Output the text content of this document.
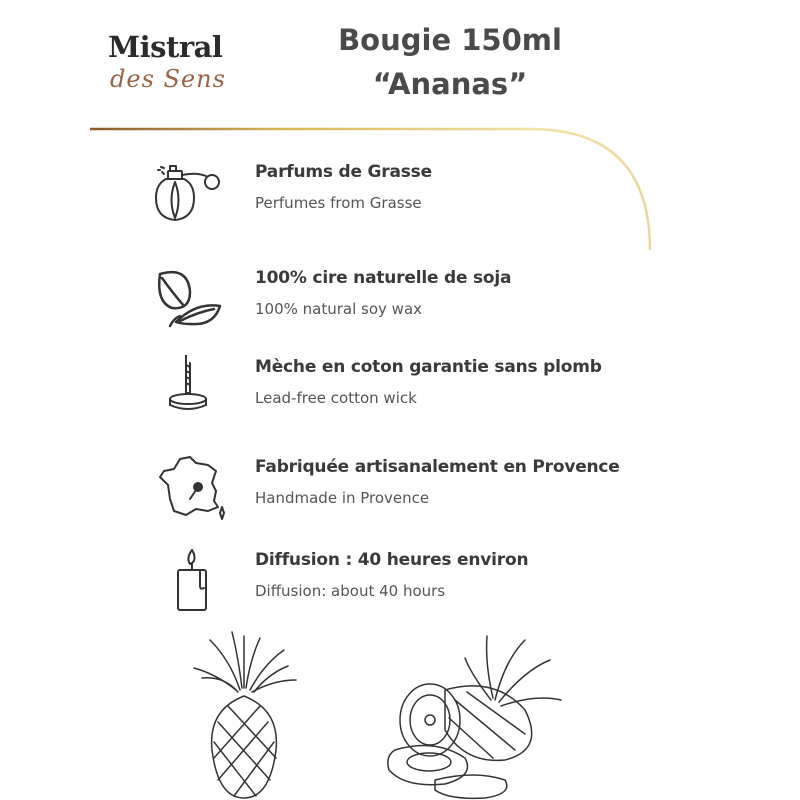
Mistral
des Sens
Bougie 150ml
“Ananas”
Parfums de Grasse
Perfumes from Grasse
100% cire naturelle de soja
100% natural soy wax
Mèche en coton garantie sans plomb
Lead-free cotton wick
Fabriquée artisanalement en Provence
Handmade in Provence
Diffusion : 40 heures environ
Diffusion: about 40 hours
